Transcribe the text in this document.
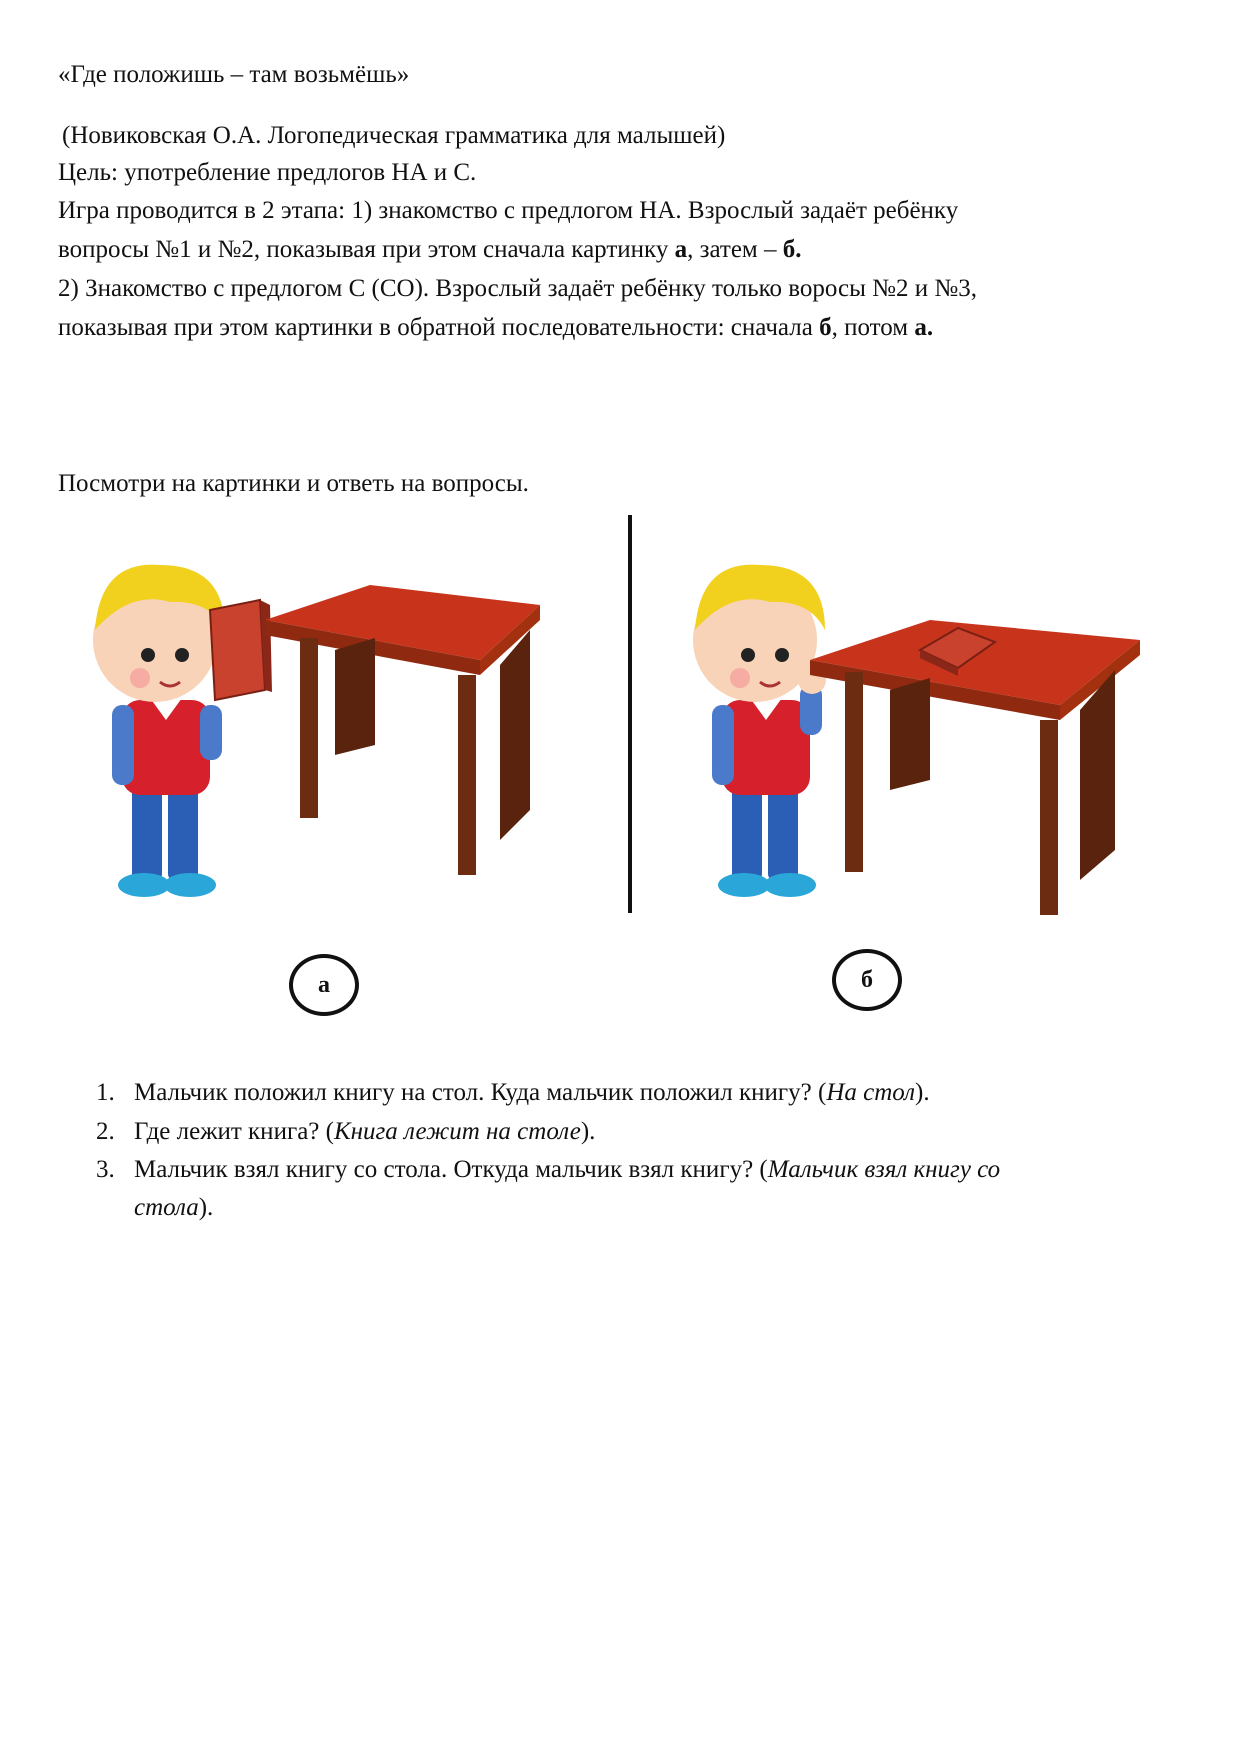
«Где положишь – там возьмёшь»
(Новиковская О.А. Логопедическая грамматика для малышей)
Цель: употребление предлогов НА и С.
Игра проводится в 2 этапа: 1) знакомство с предлогом НА. Взрослый задаёт ребёнку
вопросы №1 и №2, показывая при этом сначала картинку а, затем – б.
2) Знакомство с предлогом С (СО). Взрослый задаёт ребёнку только воросы №2 и №3,
показывая при этом картинки в обратной последовательности: сначала б, потом а.
Посмотри на картинки и ответь на вопросы.
а	б
1. Мальчик положил книгу на стол. Куда мальчик положил книгу? (На стол).
2. Где лежит книга? (Книга лежит на столе).
3. Мальчик взял книгу со стола. Откуда мальчик взял книгу? (Мальчик взял книгу со
стола).
